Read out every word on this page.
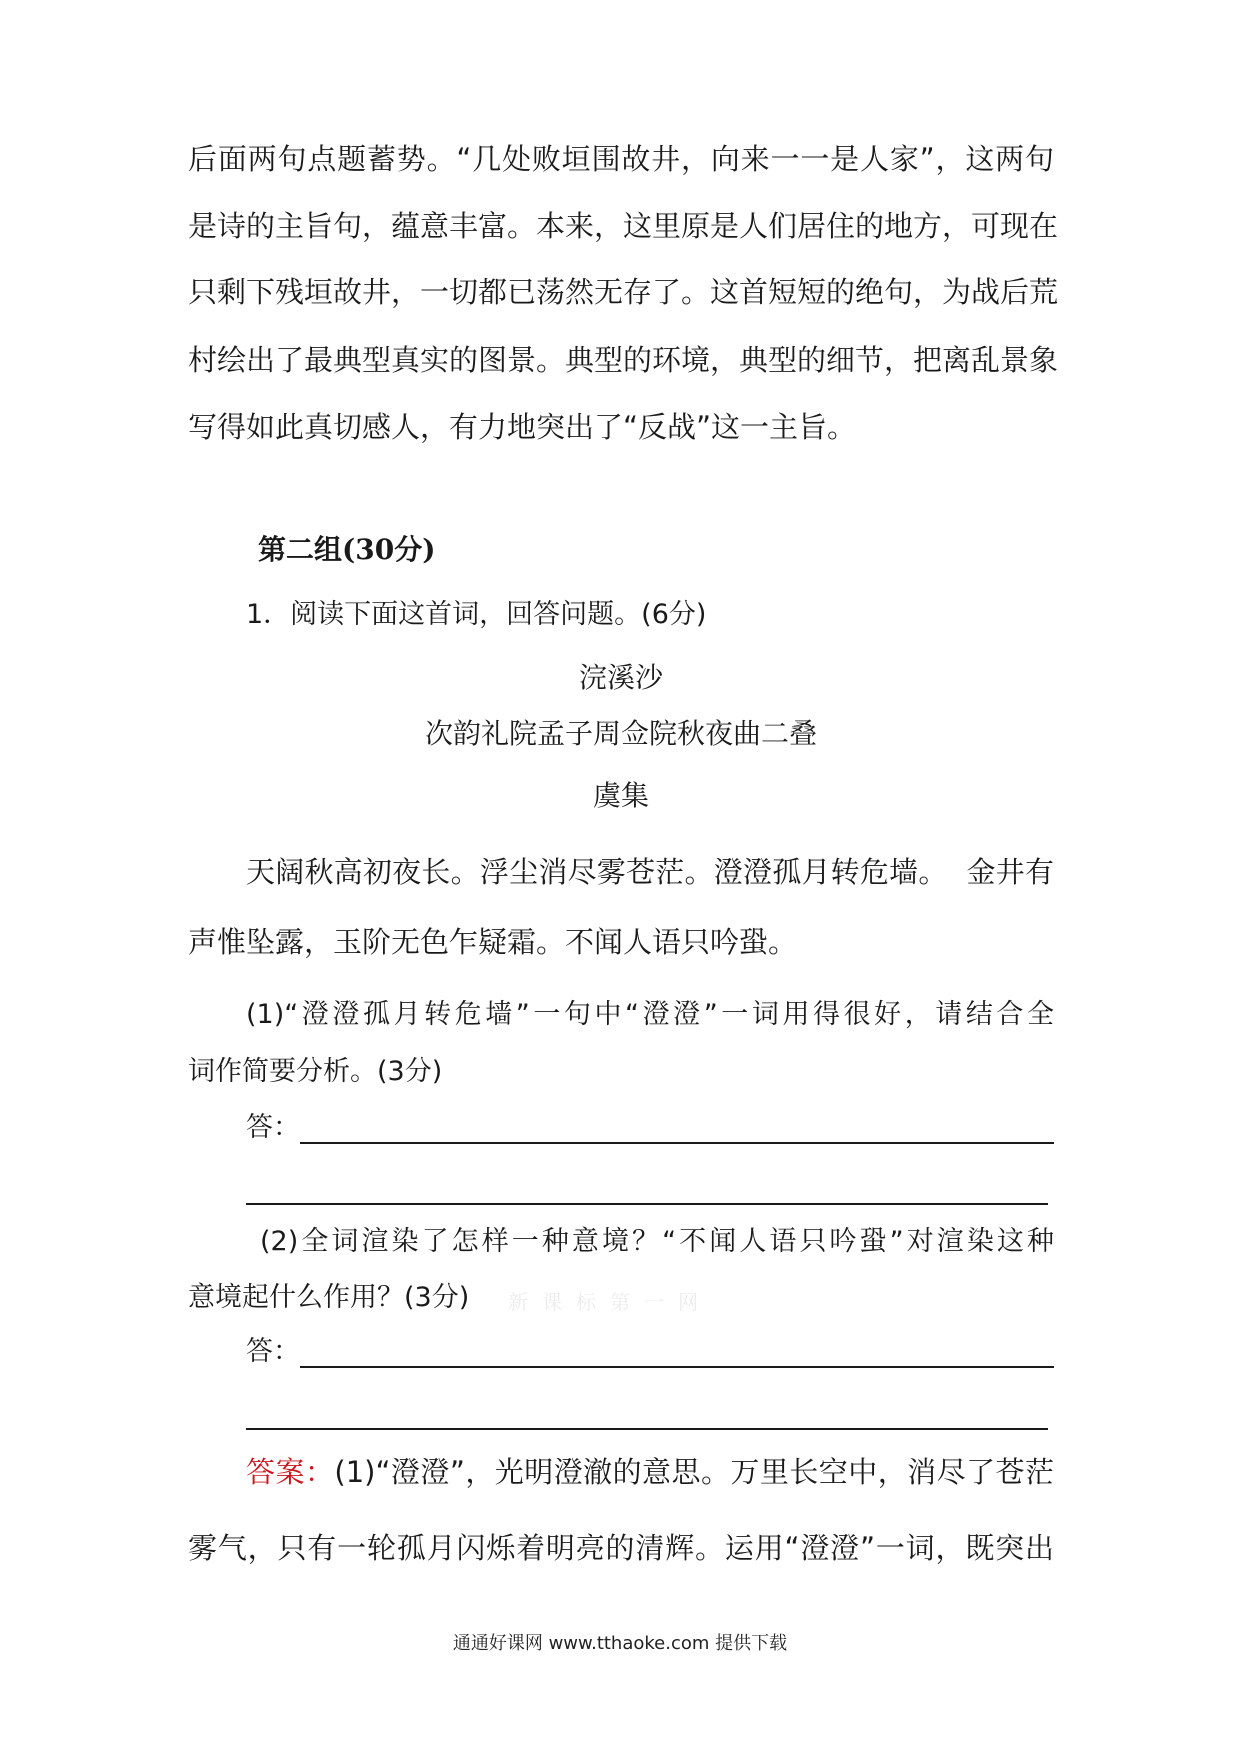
后面两句点题蓄势。“几处败垣围故井，向来一一是人家”，这两句
是诗的主旨句，蕴意丰富。本来，这里原是人们居住的地方，可现在
只剩下残垣故井，一切都已荡然无存了。这首短短的绝句，为战后荒
村绘出了最典型真实的图景。典型的环境，典型的细节，把离乱景象
写得如此真切感人，有力地突出了“反战”这一主旨。
第二组(30分)
1．阅读下面这首词，回答问题。(6分)
浣溪沙
次韵礼院孟子周佥院秋夜曲二叠
虞集
天阔秋高初夜长。浮尘消尽雾苍茫。澄澄孤月转危墙。  金井有
声惟坠露，玉阶无色乍疑霜。不闻人语只吟蛩。
(1)“澄澄孤月转危墙”一句中“澄澄”一词用得很好，请结合全
词作简要分析。(3分)
答：
(2)全词渲染了怎样一种意境？“不闻人语只吟蛩”对渲染这种
意境起什么作用？(3分) 新课标第一网
答：
答案：(1)“澄澄”，光明澄澈的意思。万里长空中，消尽了苍茫
雾气，只有一轮孤月闪烁着明亮的清辉。运用“澄澄”一词，既突出
通通好课网 www.tthaoke.com 提供下载
